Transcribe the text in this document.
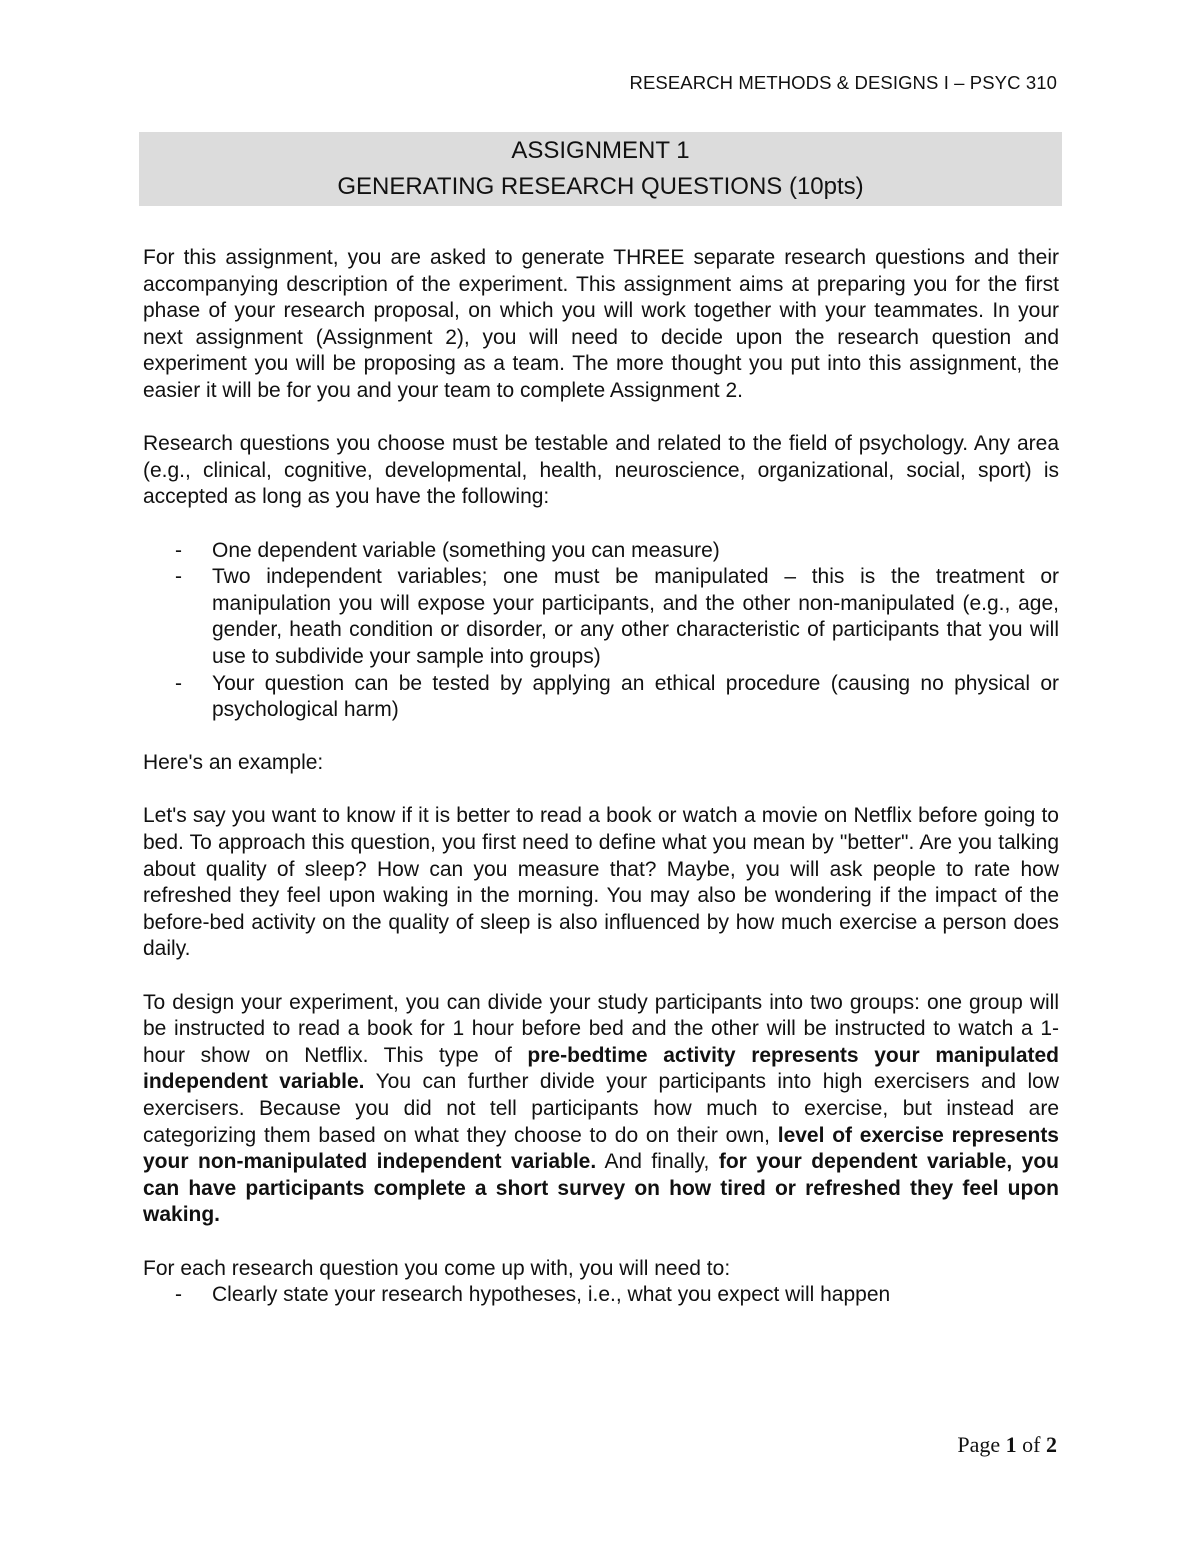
RESEARCH METHODS & DESIGNS I – PSYC 310
ASSIGNMENT 1
GENERATING RESEARCH QUESTIONS (10pts)

For this assignment, you are asked to generate THREE separate research questions and their accompanying description of the experiment. This assignment aims at preparing you for the first phase of your research proposal, on which you will work together with your teammates. In your next assignment (Assignment 2), you will need to decide upon the research question and experiment you will be proposing as a team. The more thought you put into this assignment, the easier it will be for you and your team to complete Assignment 2.

Research questions you choose must be testable and related to the field of psychology. Any area (e.g., clinical, cognitive, developmental, health, neuroscience, organizational, social, sport) is accepted as long as you have the following:

- One dependent variable (something you can measure)
- Two independent variables; one must be manipulated – this is the treatment or manipulation you will expose your participants, and the other non-manipulated (e.g., age, gender, heath condition or disorder, or any other characteristic of participants that you will use to subdivide your sample into groups)
- Your question can be tested by applying an ethical procedure (causing no physical or psychological harm)

Here's an example:

Let's say you want to know if it is better to read a book or watch a movie on Netflix before going to bed. To approach this question, you first need to define what you mean by "better". Are you talking about quality of sleep? How can you measure that? Maybe, you will ask people to rate how refreshed they feel upon waking in the morning. You may also be wondering if the impact of the before-bed activity on the quality of sleep is also influenced by how much exercise a person does daily.

To design your experiment, you can divide your study participants into two groups: one group will be instructed to read a book for 1 hour before bed and the other will be instructed to watch a 1-hour show on Netflix. This type of pre-bedtime activity represents your manipulated independent variable. You can further divide your participants into high exercisers and low exercisers. Because you did not tell participants how much to exercise, but instead are categorizing them based on what they choose to do on their own, level of exercise represents your non-manipulated independent variable. And finally, for your dependent variable, you can have participants complete a short survey on how tired or refreshed they feel upon waking.

For each research question you come up with, you will need to:

- Clearly state your research hypotheses, i.e., what you expect will happen
Page 1 of 2
